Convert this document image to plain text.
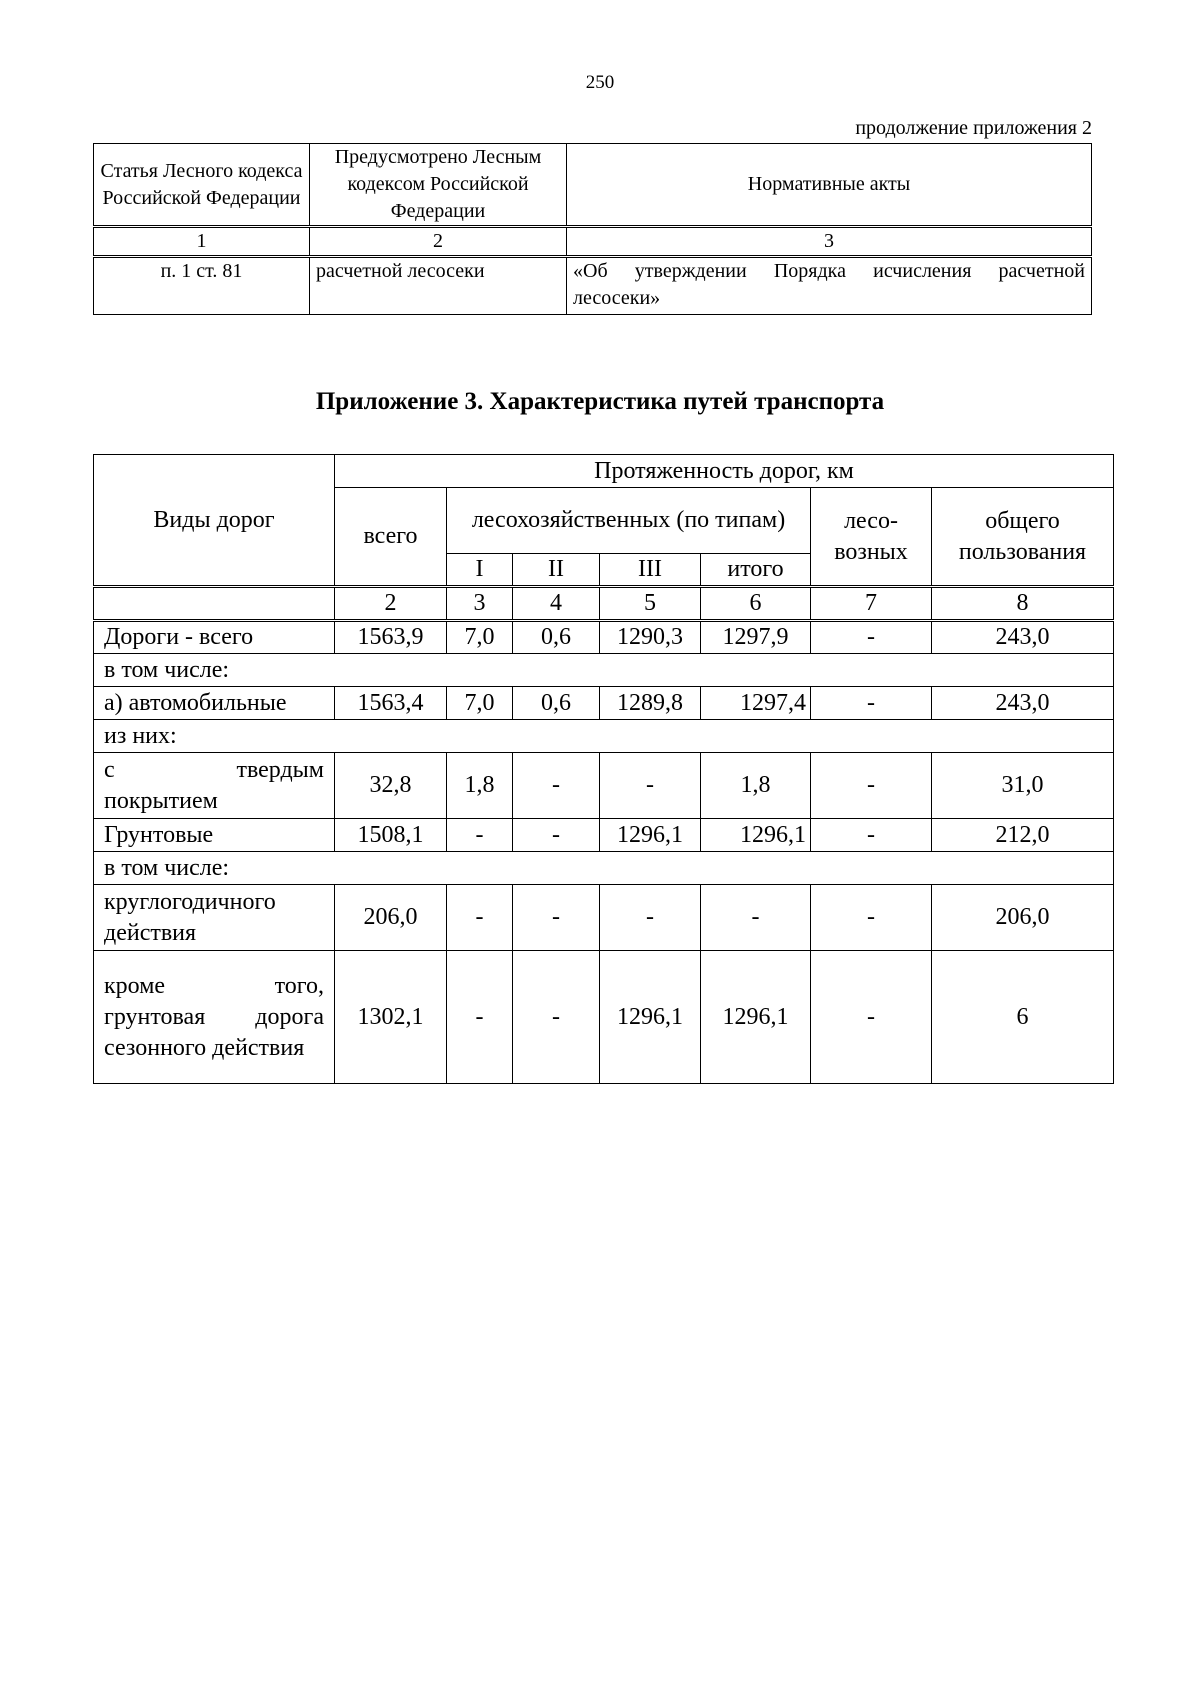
250
продолжение приложения 2
Статья Лесного кодекса Российской Федерации	Предусмотрено Лесным кодексом Российской Федерации	Нормативные акты
1	2	3
п. 1 ст. 81	расчетной лесосеки	«Об утверждении Порядка исчисления расчетной лесосеки»
Приложение 3. Характеристика путей транспорта
Виды дорог	Протяженность дорог, км						
	всего	лесохозяйственных (по типам)				лесо-возных	общего пользования
		I	II	III	итого		
	2	3	4	5	6	7	8
Дороги - всего	1563,9	7,0	0,6	1290,3	1297,9	-	243,0
в том числе:							
а) автомобильные	1563,4	7,0	0,6	1289,8	1297,4	-	243,0
из них:							
с твердым покрытием	32,8	1,8	-	-	1,8	-	31,0
Грунтовые	1508,1	-	-	1296,1	1296,1	-	212,0
в том числе:							
круглогодичного действия	206,0	-	-	-	-	-	206,0
кроме того, грунтовая дорога сезонного действия	1302,1	-	-	1296,1	1296,1	-	6
